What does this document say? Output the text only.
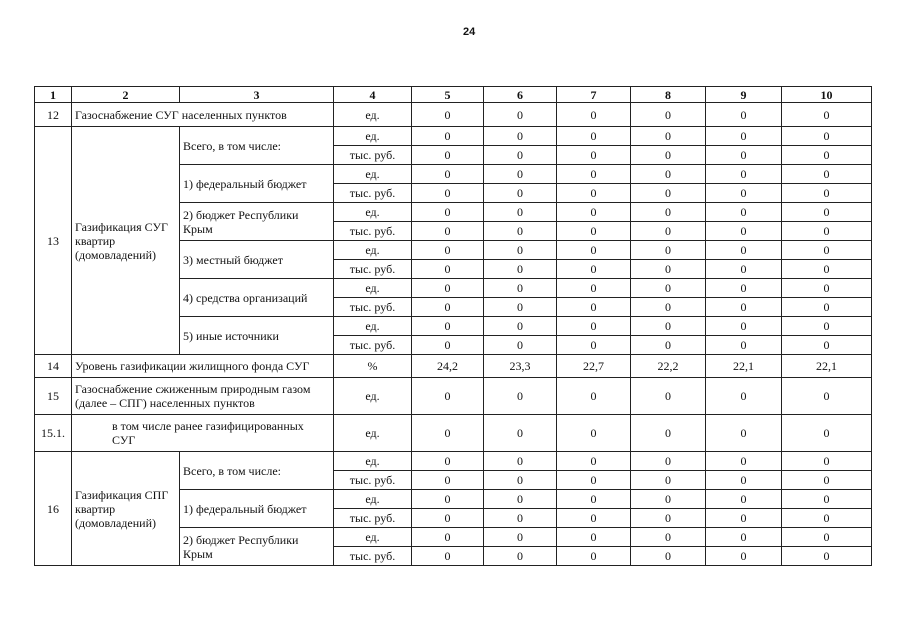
24
1	2	3	4	5	6	7	8	9	10
12	Газоснабжение СУГ населенных пунктов		ед.	0	0	0	0	0	0
13	Газификация СУГ квартир (домовладений)	Всего, в том числе:	ед.	0	0	0	0	0	0
			тыс. руб.	0	0	0	0	0	0
		1) федеральный бюджет	ед.	0	0	0	0	0	0
			тыс. руб.	0	0	0	0	0	0
		2) бюджет Республики Крым	ед.	0	0	0	0	0	0
			тыс. руб.	0	0	0	0	0	0
		3) местный бюджет	ед.	0	0	0	0	0	0
			тыс. руб.	0	0	0	0	0	0
		4) средства организаций	ед.	0	0	0	0	0	0
			тыс. руб.	0	0	0	0	0	0
		5) иные источники	ед.	0	0	0	0	0	0
			тыс. руб.	0	0	0	0	0	0
14	Уровень газификации жилищного фонда СУГ		%	24,2	23,3	22,7	22,2	22,1	22,1
15	Газоснабжение сжиженным природным газом (далее – СПГ) населенных пунктов		ед.	0	0	0	0	0	0
15.1.	в том числе ранее газифицированных СУГ		ед.	0	0	0	0	0	0
16	Газификация СПГ квартир (домовладений)	Всего, в том числе:	ед.	0	0	0	0	0	0
			тыс. руб.	0	0	0	0	0	0
		1) федеральный бюджет	ед.	0	0	0	0	0	0
			тыс. руб.	0	0	0	0	0	0
		2) бюджет Республики Крым	ед.	0	0	0	0	0	0
			тыс. руб.	0	0	0	0	0	0
